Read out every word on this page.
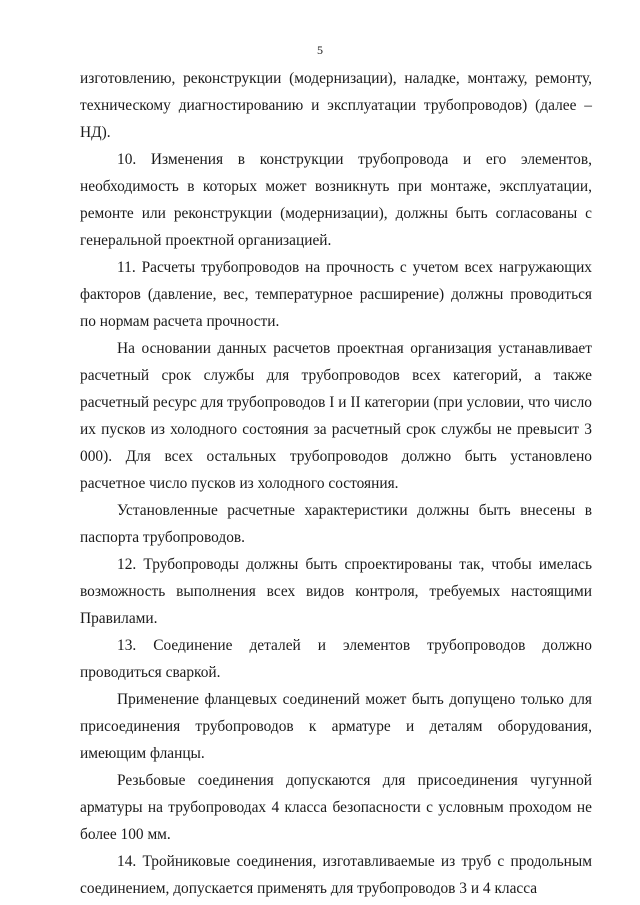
5

изготовлению, реконструкции (модернизации), наладке, монтажу, ремонту, техническому диагностированию и эксплуатации трубопроводов) (далее – НД).

10. Изменения в конструкции трубопровода и его элементов, необходимость в которых может возникнуть при монтаже, эксплуатации, ремонте или реконструкции (модернизации), должны быть согласованы с генеральной проектной организацией.

11. Расчеты трубопроводов на прочность с учетом всех нагружающих факторов (давление, вес, температурное расширение) должны проводиться по нормам расчета прочности.

На основании данных расчетов проектная организация устанавливает расчетный срок службы для трубопроводов всех категорий, а также расчетный ресурс для трубопроводов I и II категории (при условии, что число их пусков из холодного состояния за расчетный срок службы не превысит 3 000). Для всех остальных трубопроводов должно быть установлено расчетное число пусков из холодного состояния.

Установленные расчетные характеристики должны быть внесены в паспорта трубопроводов.

12. Трубопроводы должны быть спроектированы так, чтобы имелась возможность выполнения всех видов контроля, требуемых настоящими Правилами.

13. Соединение деталей и элементов трубопроводов должно проводиться сваркой.

Применение фланцевых соединений может быть допущено только для присоединения трубопроводов к арматуре и деталям оборудования, имеющим фланцы.

Резьбовые соединения допускаются для присоединения чугунной арматуры на трубопроводах 4 класса безопасности с условным проходом не более 100 мм.

14. Тройниковые соединения, изготавливаемые из труб с продольным соединением, допускается применять для трубопроводов 3 и 4 класса
